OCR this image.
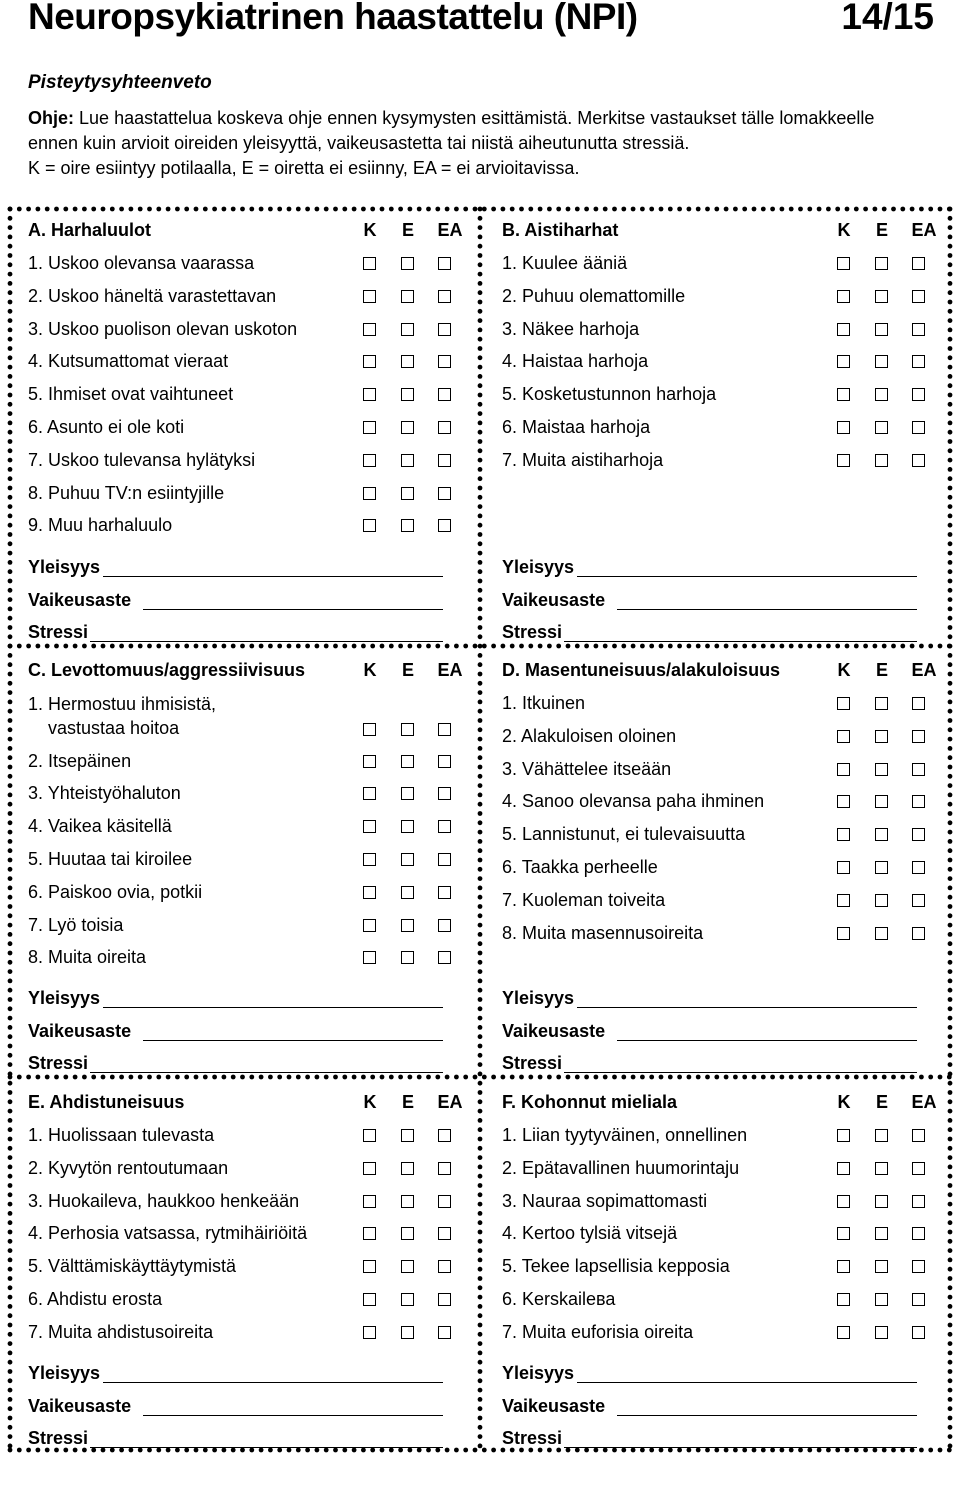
Neuropsykiatrinen haastattelu (NPI)	14/15
Pisteytysyhteenveto

Ohje: Lue haastattelua koskeva ohje ennen kysymysten esittämistä. Merkitse vastaukset tälle lomakkeelle

ennen kuin arvioit oireiden yleisyyttä, vaikeusastetta tai niistä aiheutunutta stressiä.

K = oire esiintyy potilaalla, E = oiretta ei esiinny, EA = ei arvioitavissa.

A. Harhaluulot	K	E	EA
1. Uskoo olevansa vaarassa
2. Uskoo häneltä varastettavan
3. Uskoo puolison olevan uskoton
4. Kutsumattomat vieraat
5. Ihmiset ovat vaihtuneet
6. Asunto ei ole koti
7. Uskoo tulevansa hylätyksi
8. Puhuu TV:n esiintyjille
9. Muu harhaluulo
Yleisyys
Vaikeusaste
Stressi
B. Aistiharhat	K	E	EA
1. Kuulee ääniä
2. Puhuu olemattomille
3. Näkee harhoja
4. Haistaa harhoja
5. Kosketustunnon harhoja
6. Maistaa harhoja
7. Muita aistiharhoja
Yleisyys
Vaikeusaste
Stressi
C. Levottomuus/aggressiivisuus	K	E	EA
1. Hermostuu ihmisistä,
vastustaa hoitoa
2. Itsepäinen
3. Yhteistyöhaluton
4. Vaikea käsitellä
5. Huutaa tai kiroilee
6. Paiskoo ovia, potkii
7. Lyö toisia
8. Muita oireita
Yleisyys
Vaikeusaste
Stressi
D. Masentuneisuus/alakuloisuus	K	E	EA
1. Itkuinen
2. Alakuloisen oloinen
3. Vähättelee itseään
4. Sanoo olevansa paha ihminen
5. Lannistunut, ei tulevaisuutta
6. Taakka perheelle
7. Kuoleman toiveita
8. Muita masennusoireita
Yleisyys
Vaikeusaste
Stressi
E. Ahdistuneisuus	K	E	EA
1. Huolissaan tulevasta
2. Kyvytön rentoutumaan
3. Huokaileva, haukkoo henkeään
4. Perhosia vatsassa, rytmihäiriöitä
5. Välttämiskäyttäytymistä
6. Ahdistu erosta
7. Muita ahdistusoireita
Yleisyys
Vaikeusaste
Stressi
F. Kohonnut mieliala	K	E	EA
1. Liian tyytyväinen, onnellinen
2. Epätavallinen huumorintaju
3. Nauraa sopimattomasti
4. Kertoo tylsiä vitsejä
5. Tekee lapsellisia kepposia
6. Kerskailева
7. Muita euforisia oireita
Yleisyys
Vaikeusaste
Stressi
